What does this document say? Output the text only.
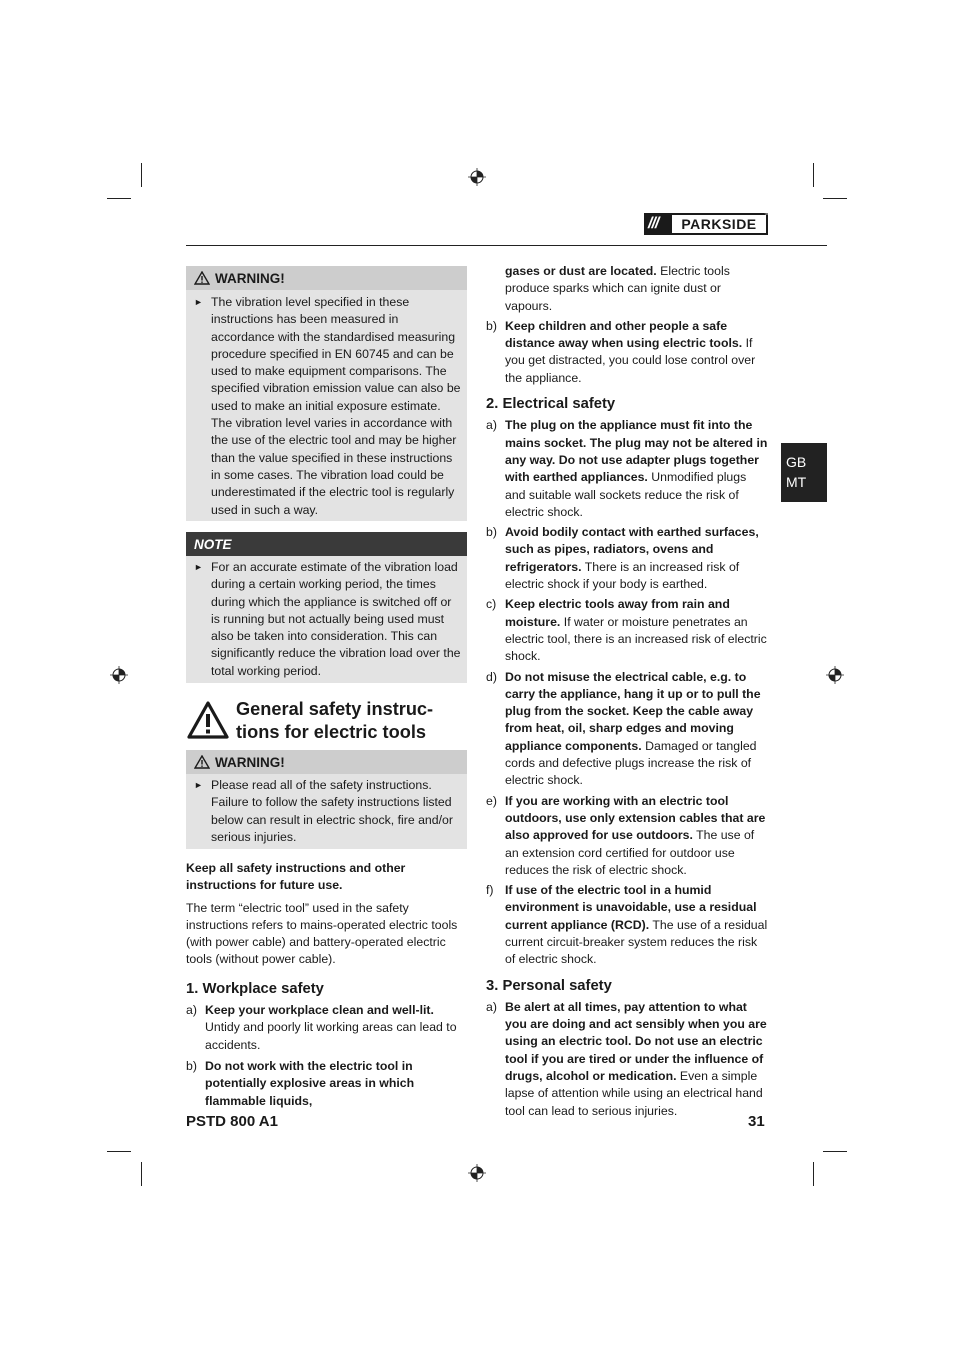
///	PARKSIDE
®
GB
MT
WARNING!
► The vibration level specified in these instructions has been measured in accordance with the standardised measuring procedure specified in EN 60745 and can be used to make equipment comparisons. The specified vibration emission value can also be used to make an initial exposure estimate. The vibration level varies in accordance with the use of the electric tool and may be higher than the value specified in these instructions in some cases. The vibration load could be underestimated if the electric tool is regularly used in such a way.
NOTE
► For an accurate estimate of the vibration load during a certain working period, the times during which the appliance is switched off or is running but not actually being used must also be taken into consideration. This can significantly reduce the vibration load over the total working period.
General safety instruc-
tions for electric tools
WARNING!
► Please read all of the safety instructions. Failure to follow the safety instructions listed below can result in electric shock, fire and/or serious injuries.
Keep all safety instructions and other instructions for future use.
The term “electric tool” used in the safety instructions refers to mains-operated electric tools (with power cable) and battery-operated electric tools (without power cable).
1. Workplace safety
a) Keep your workplace clean and well-lit. Untidy and poorly lit working areas can lead to accidents.
b) Do not work with the electric tool in potentially explosive areas in which flammable liquids,
gases or dust are located. Electric tools produce sparks which can ignite dust or vapours.
b) Keep children and other people a safe distance away when using electric tools. If you get distracted, you could lose control over the appliance.
2. Electrical safety
a) The plug on the appliance must fit into the mains socket. The plug may not be altered in any way. Do not use adapter plugs together with earthed appliances. Unmodified plugs and suitable wall sockets reduce the risk of electric shock.
b) Avoid bodily contact with earthed surfaces, such as pipes, radiators, ovens and refrigerators. There is an increased risk of electric shock if your body is earthed.
c) Keep electric tools away from rain and moisture. If water or moisture penetrates an electric tool, there is an increased risk of electric shock.
d) Do not misuse the electrical cable, e.g. to carry the appliance, hang it up or to pull the plug from the socket. Keep the cable away from heat, oil, sharp edges and moving appliance components. Damaged or tangled cords and defective plugs increase the risk of electric shock.
e) If you are working with an electric tool outdoors, use only extension cables that are also approved for use outdoors. The use of an extension cord certified for outdoor use reduces the risk of electric shock.
f) If use of the electric tool in a humid environment is unavoidable, use a residual current appliance (RCD). The use of a residual current circuit-breaker system reduces the risk of electric shock.
3. Personal safety
a) Be alert at all times, pay attention to what you are doing and act sensibly when you are using an electric tool. Do not use an electric tool if you are tired or under the influence of drugs, alcohol or medication. Even a simple lapse of attention while using an electrical hand tool can lead to serious injuries.
PSTD 800 A1	31
